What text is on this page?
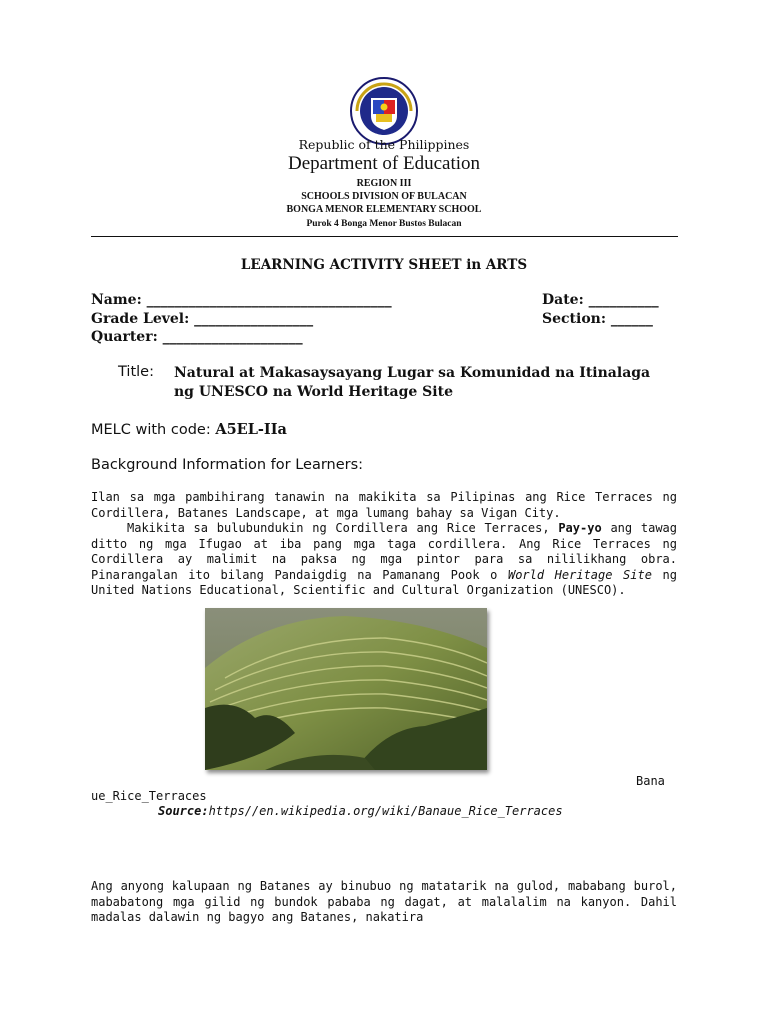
Republic of the Philippines
Department of Education
REGION III
SCHOOLS DIVISION OF BULACAN
BONGA MENOR ELEMENTARY SCHOOL
Purok 4 Bonga Menor Bustos Bulacan
LEARNING ACTIVITY SHEET in ARTS
Name: ___________________________________
Grade Level: _________________
Quarter: ____________________
Date: __________
Section: ______
Title: Natural at Makasaysayang Lugar sa Komunidad na Itinalaga ng UNESCO na World Heritage Site
MELC with code: A5EL-IIa
Background Information for Learners:
Ilan sa mga pambihirang tanawin na makikita sa Pilipinas ang Rice Terraces ng Cordillera, Batanes Landscape, at mga lumang bahay sa Vigan City.
Makikita sa bulubundukin ng Cordillera ang Rice Terraces, Pay-yo ang tawag ditto ng mga Ifugao at iba pang mga taga cordillera. Ang Rice Terraces ng Cordillera ay malimit na paksa ng mga pintor para sa nililikhang obra. Pinarangalan ito bilang Pandaigdig na Pamanang Pook o World Heritage Site ng United Nations Educational, Scientific and Cultural Organization (UNESCO).
Bana
ue_Rice_Terraces
Source:https//en.wikipedia.org/wiki/Banaue_Rice_Terraces
Ang anyong kalupaan ng Batanes ay binubuo ng matatarik na gulod, mababang burol, mababatong mga gilid ng bundok pababa ng dagat, at malalalim na kanyon. Dahil madalas dalawin ng bagyo ang Batanes, nakatira
